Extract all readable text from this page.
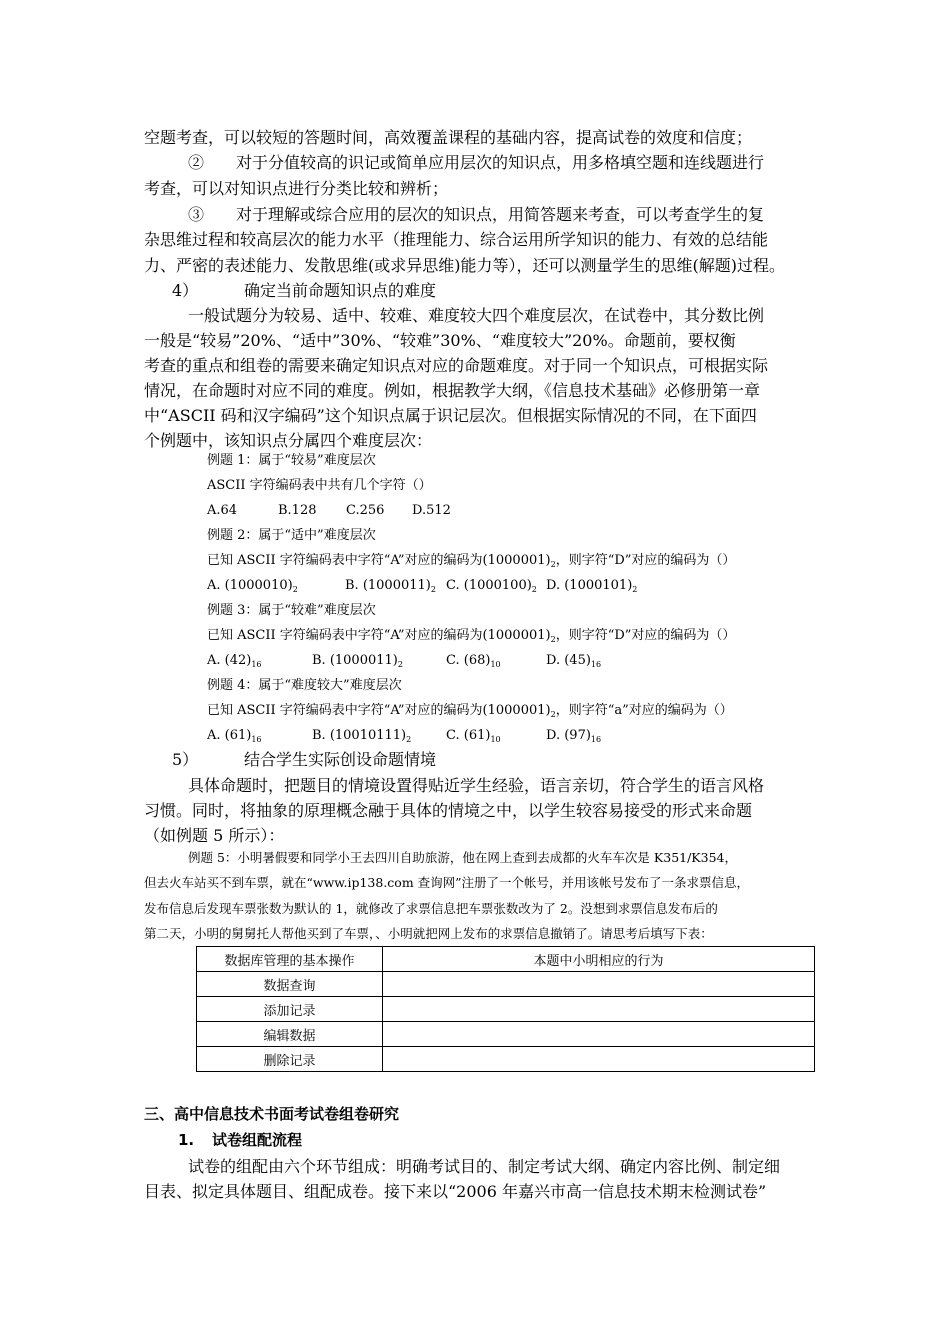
空题考查，可以较短的答题时间，高效覆盖课程的基础内容，提高试卷的效度和信度；
②　　对于分值较高的识记或简单应用层次的知识点，用多格填空题和连线题进行
考查，可以对知识点进行分类比较和辨析；
③　　对于理解或综合应用的层次的知识点，用简答题来考查，可以考查学生的复
杂思维过程和较高层次的能力水平（推理能力、综合运用所学知识的能力、有效的总结能
力、严密的表述能力、发散思维(或求异思维)能力等），还可以测量学生的思维(解题)过程。
4）	确定当前命题知识点的难度
一般试题分为较易、适中、较难、难度较大四个难度层次，在试卷中，其分数比例
一般是“较易”20%、“适中”30%、“较难”30%、“难度较大”20%。命题前，要权衡
考查的重点和组卷的需要来确定知识点对应的命题难度。对于同一个知识点，可根据实际
情况，在命题时对应不同的难度。例如，根据教学大纲，《信息技术基础》必修册第一章
中“ASCII 码和汉字编码”这个知识点属于识记层次。但根据实际情况的不同，在下面四
个例题中，该知识点分属四个难度层次：
例题 1：属于“较易”难度层次
ASCII 字符编码表中共有几个字符（）
A.64	B.128 C.256 D.512
例题 2：属于“适中”难度层次
已知 ASCII 字符编码表中字符“A”对应的编码为$(1000001)_2$，则字符“D”对应的编码为（）
A. $(1000010)_2$	B. $(1000011)_2$ C. $(1000100)_2$ D. $(1000101)_2$
例题 3：属于“较难”难度层次
已知 ASCII 字符编码表中字符“A”对应的编码为$(1000001)_2$，则字符“D”对应的编码为（）
A. $(42)_{16}$	B. $(1000011)_2$	C. $(68)_{10}$	D. $(45)_{16}$
例题 4：属于“难度较大”难度层次
已知 ASCII 字符编码表中字符“A”对应的编码为$(1000001)_2$，则字符“a”对应的编码为（）
A. $(61)_{16}$	B. $(10010111)_2$	C. $(61)_{10}$	D. $(97)_{16}$
5）	结合学生实际创设命题情境
具体命题时，把题目的情境设置得贴近学生经验，语言亲切，符合学生的语言风格
习惯。同时，将抽象的原理概念融于具体的情境之中，以学生较容易接受的形式来命题
（如例题 5 所示）：
例题 5：小明暑假要和同学小王去四川自助旅游，他在网上查到去成都的火车车次是 K351/K354，
但去火车站买不到车票，就在“www.ip138.com 查询网”注册了一个帐号，并用该帐号发布了一条求票信息，
发布信息后发现车票张数为默认的 1，就修改了求票信息把车票张数改为了 2。没想到求票信息发布后的
第二天，小明的舅舅托人帮他买到了车票，、小明就把网上发布的求票信息撤销了。请思考后填写下表：
数据库管理的基本操作	本题中小明相应的行为
数据查询	
添加记录	
编辑数据	
删除记录	
三、高中信息技术书面考试卷组卷研究
1. 试卷组配流程
试卷的组配由六个环节组成：明确考试目的、制定考试大纲、确定内容比例、制定细
目表、拟定具体题目、组配成卷。接下来以“2006 年嘉兴市高一信息技术期末检测试卷”
